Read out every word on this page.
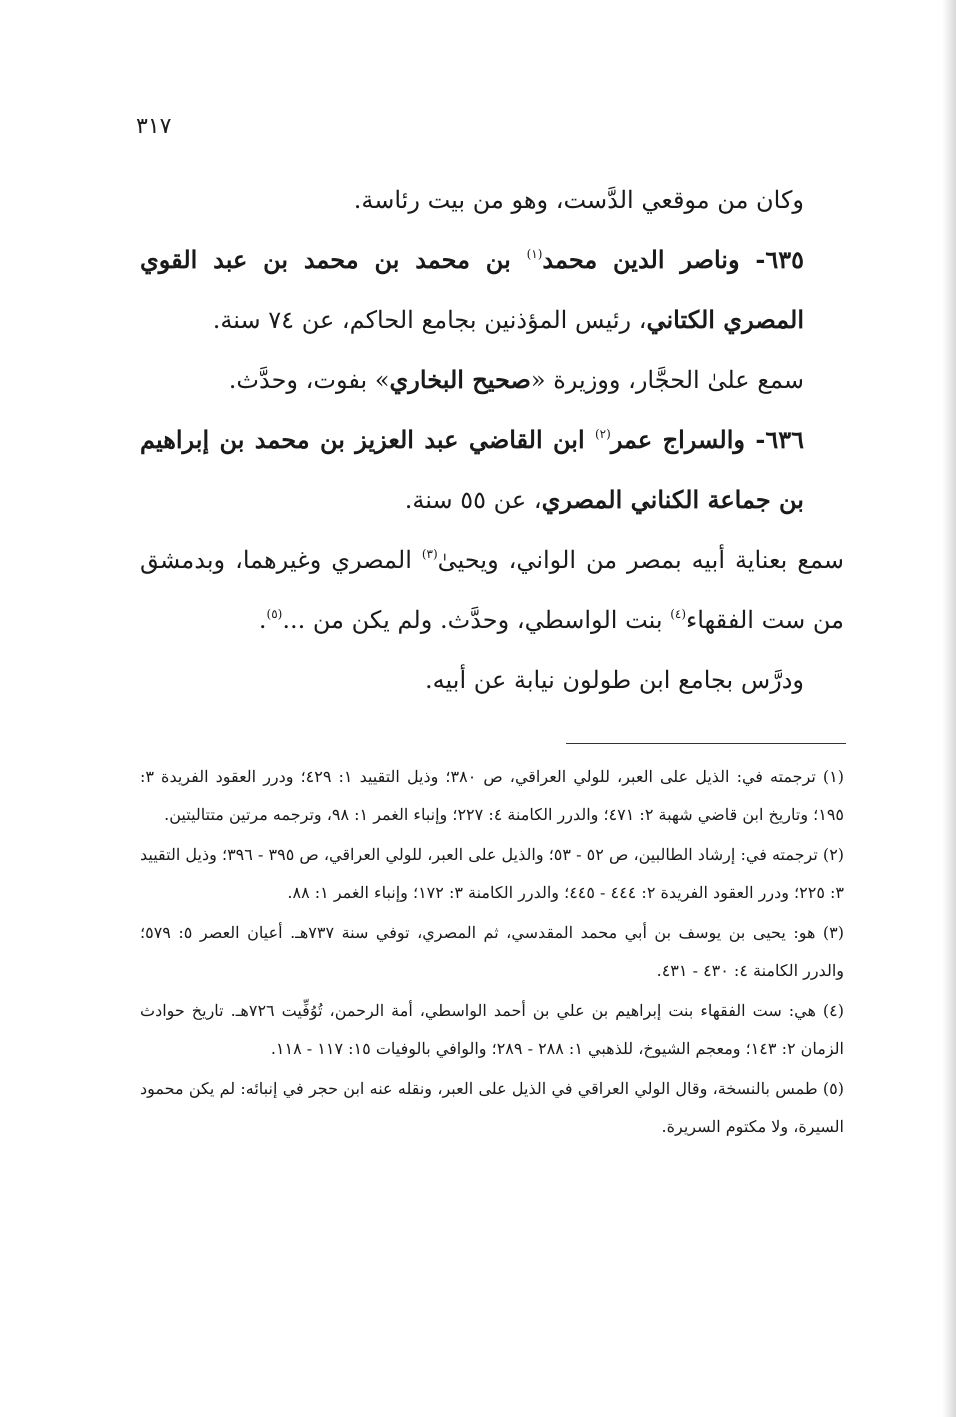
٣١٧

وكان من موقعي الدَّست، وهو من بيت رئاسة.

٦٣٥- وناصر الدين محمد$^{(١)}$ بن محمد بن محمد بن عبد القوي المصري الكتاني، رئيس المؤذنين بجامع الحاكم، عن ٧٤ سنة.

سمع علىٰ الحجَّار، ووزيرة «صحيح البخاري» بفوت، وحدَّث.

٦٣٦- والسراج عمر$^{(٢)}$ ابن القاضي عبد العزيز بن محمد بن إبراهيم بن جماعة الكناني المصري، عن ٥٥ سنة.

سمع بعناية أبيه بمصر من الواني، ويحيىٰ$^{(٣)}$ المصري وغيرهما، وبدمشق من ست الفقهاء$^{(٤)}$ بنت الواسطي، وحدَّث. ولم يكن من ...$^{(٥)}$.

ودرَّس بجامع ابن طولون نيابة عن أبيه.

(١) ترجمته في: الذيل على العبر، للولي العراقي، ص ٣٨٠؛ وذيل التقييد ١: ٤٢٩؛ ودرر العقود الفريدة ٣: ١٩٥؛ وتاريخ ابن قاضي شهبة ٢: ٤٧١؛ والدرر الكامنة ٤: ٢٢٧؛ وإنباء الغمر ١: ٩٨، وترجمه مرتين متتاليتين.

(٢) ترجمته في: إرشاد الطالبين، ص ٥٢ - ٥٣؛ والذيل على العبر، للولي العراقي، ص ٣٩٥ - ٣٩٦؛ وذيل التقييد ٣: ٢٢٥؛ ودرر العقود الفريدة ٢: ٤٤٤ - ٤٤٥؛ والدرر الكامنة ٣: ١٧٢؛ وإنباء الغمر ١: ٨٨.

(٣) هو: يحيى بن يوسف بن أبي محمد المقدسي، ثم المصري، توفي سنة ٧٣٧هـ. أعيان العصر ٥: ٥٧٩؛ والدرر الكامنة ٤: ٤٣٠ - ٤٣١.

(٤) هي: ست الفقهاء بنت إبراهيم بن علي بن أحمد الواسطي، أمة الرحمن، تُوُفِّيت ٧٢٦هـ. تاريخ حوادث الزمان ٢: ١٤٣؛ ومعجم الشيوخ، للذهبي ١: ٢٨٨ - ٢٨٩؛ والوافي بالوفيات ١٥: ١١٧ - ١١٨.

(٥) طمس بالنسخة، وقال الولي العراقي في الذيل على العبر، ونقله عنه ابن حجر في إنبائه: لم يكن محمود السيرة، ولا مكتوم السريرة.
